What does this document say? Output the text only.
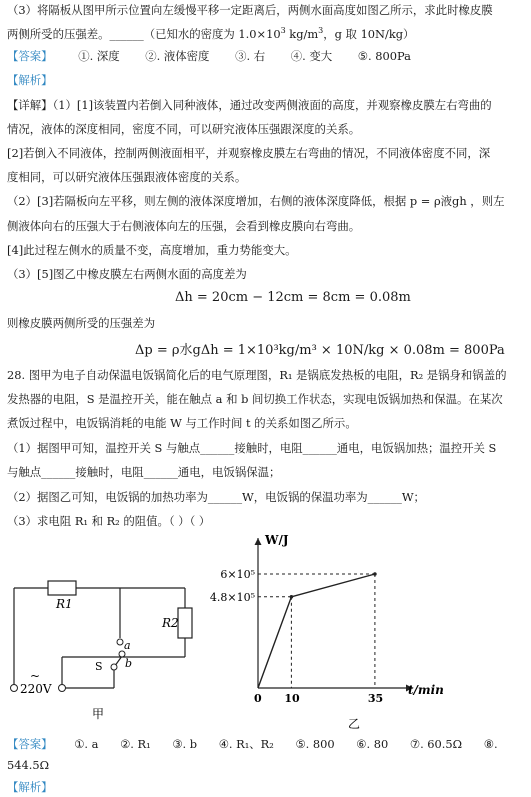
（3）将隔板从图甲所示位置向左缓慢平移一定距离后，两侧水面高度如图乙所示，求此时橡皮膜
两侧所受的压强差。______（已知水的密度为 $1.0\times 10^3$ $kg/m^3$，g 取 10N/kg）
【答案】 ①. 深度 ②. 液体密度 ③. 右 ④. 变大 ⑤. 800Pa
【解析】
【详解】（1）[1]该装置内若倒入同种液体，通过改变两侧液面的高度，并观察橡皮膜左右弯曲的
情况，液体的深度相同，密度不同，可以研究液体压强跟深度的关系。
[2]若倒入不同液体，控制两侧液面相平，并观察橡皮膜左右弯曲的情况，不同液体密度不同，深
度相同，可以研究液体压强跟液体密度的关系。
（2）[3]若隔板向左平移，则左侧的液体深度增加，右侧的液体深度降低，根据 p = ρ液gh ，则左
侧液体向右的压强大于右侧液体向左的压强，会看到橡皮膜向右弯曲。
[4]此过程左侧水的质量不变，高度增加，重力势能变大。
（3）[5]图乙中橡皮膜左右两侧水面的高度差为
Δh = 20cm − 12cm = 8cm = 0.08m
则橡皮膜两侧所受的压强差为
Δp = ρ水gΔh = 1×10³kg/m³ × 10N/kg × 0.08m = 800Pa
28. 图甲为电子自动保温电饭锅简化后的电气原理图，R₁ 是锅底发热板的电阻，R₂ 是锅身和锅盖的
发热器的电阻，S 是温控开关，能在触点 a 和 b 间切换工作状态，实现电饭锅加热和保温。在某次
煮饭过程中，电饭锅消耗的电能 W 与工作时间 t 的关系如图乙所示。
（1）据图甲可知，温控开关 S 与触点______接触时，电阻______通电，电饭锅加热；温控开关 S
与触点______接触时，电阻______通电，电饭锅保温；
（2）据图乙可知，电饭锅的加热功率为______W，电饭锅的保温功率为______W；
（3）求电阻 R₁ 和 R₂ 的阻值。（ ）（ ）
R1
R2
a
b
S
~
220V
甲
W/J
t/min
0 10	35
4.8×10⁵
6×10⁵
乙
【答案】 ①. a ②. R₁ ③. b ④. R₁、R₂ ⑤. 800 ⑥. 80 ⑦. 60.5Ω ⑧.
544.5Ω
【解析】
